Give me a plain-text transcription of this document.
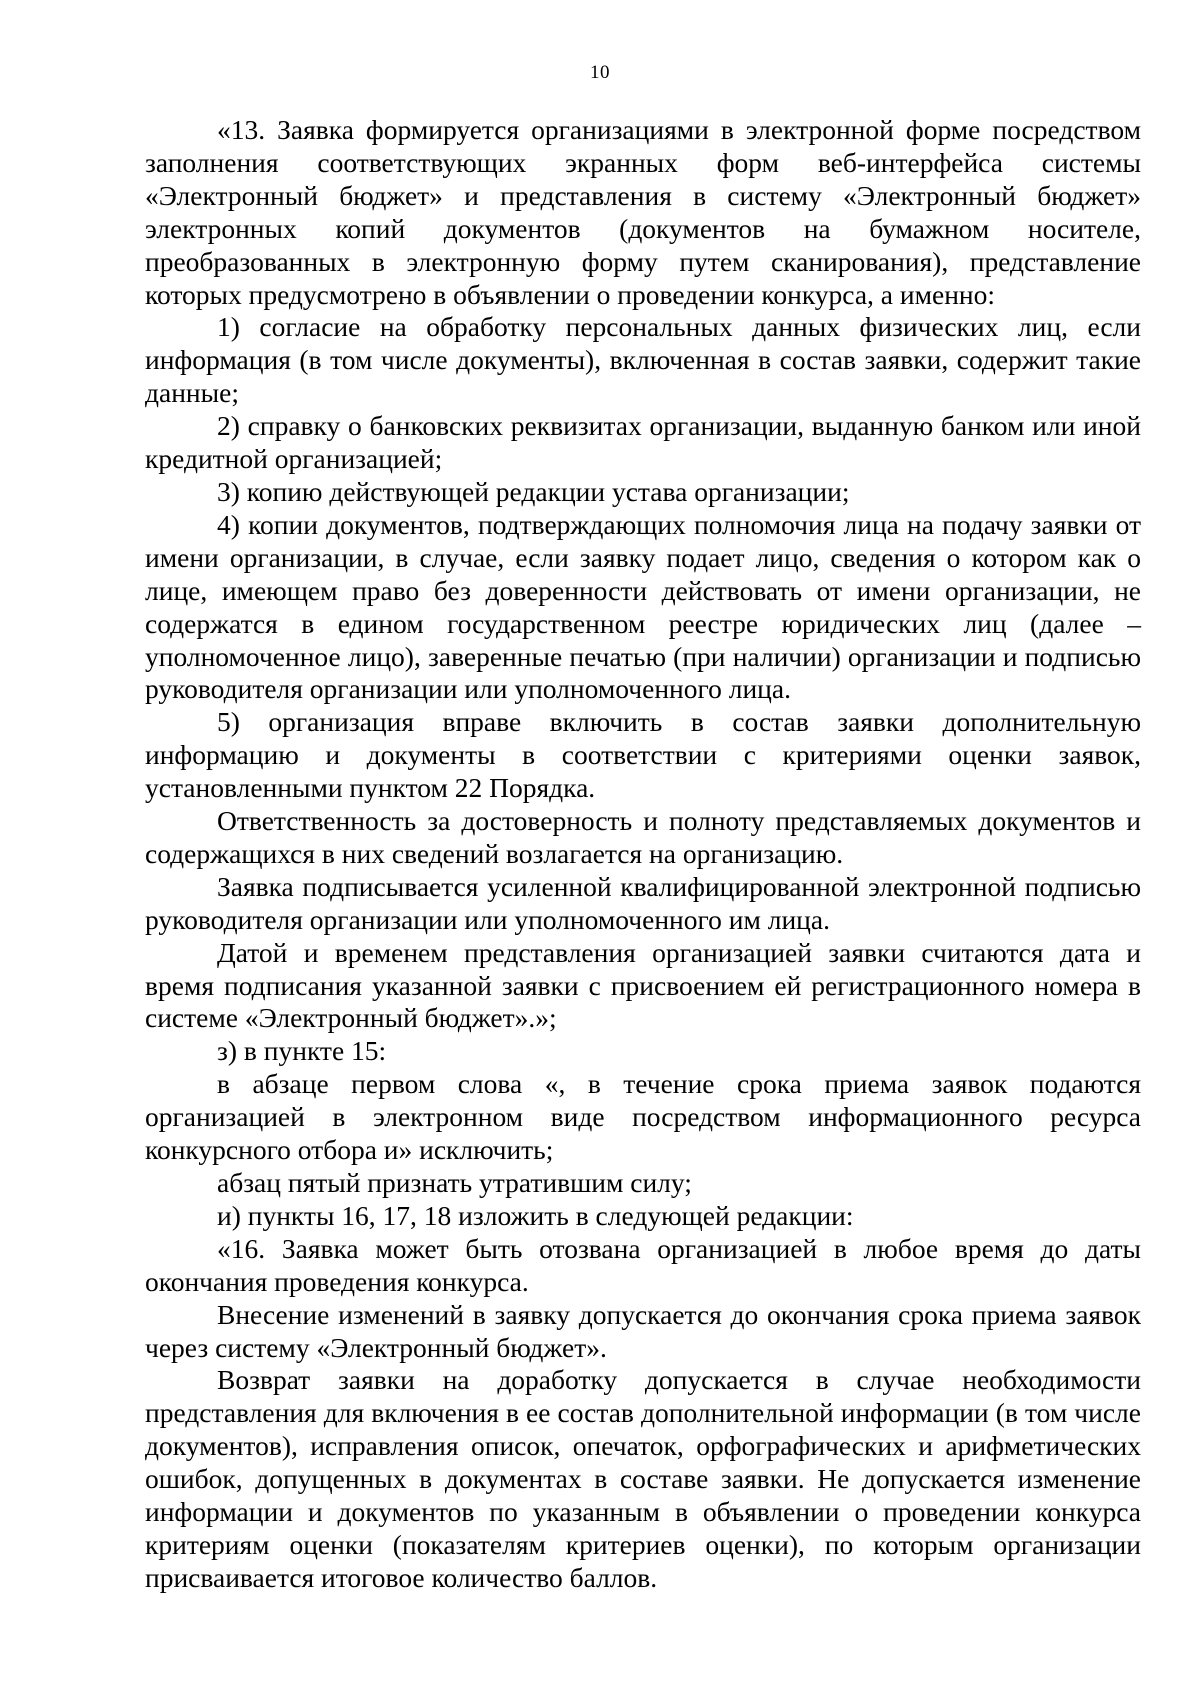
10

«13. Заявка формируется организациями в электронной форме посредством заполнения соответствующих экранных форм веб-интерфейса системы «Электронный бюджет» и представления в систему «Электронный бюджет» электронных копий документов (документов на бумажном носителе, преобразованных в электронную форму путем сканирования), представление которых предусмотрено в объявлении о проведении конкурса, а именно:

1) согласие на обработку персональных данных физических лиц, если информация (в том числе документы), включенная в состав заявки, содержит такие данные;

2) справку о банковских реквизитах организации, выданную банком или иной кредитной организацией;

3) копию действующей редакции устава организации;

4) копии документов, подтверждающих полномочия лица на подачу заявки от имени организации, в случае, если заявку подает лицо, сведения о котором как о лице, имеющем право без доверенности действовать от имени организации, не содержатся в едином государственном реестре юридических лиц (далее – уполномоченное лицо), заверенные печатью (при наличии) организации и подписью руководителя организации или уполномоченного лица.

5) организация вправе включить в состав заявки дополнительную информацию и документы в соответствии с критериями оценки заявок, установленными пунктом 22 Порядка.

Ответственность за достоверность и полноту представляемых документов и содержащихся в них сведений возлагается на организацию.

Заявка подписывается усиленной квалифицированной электронной подписью руководителя организации или уполномоченного им лица.

Датой и временем представления организацией заявки считаются дата и время подписания указанной заявки с присвоением ей регистрационного номера в системе «Электронный бюджет».»;

з) в пункте 15:

в абзаце первом слова «, в течение срока приема заявок подаются организацией в электронном виде посредством информационного ресурса конкурсного отбора и» исключить;

абзац пятый признать утратившим силу;

и) пункты 16, 17, 18 изложить в следующей редакции:

«16. Заявка может быть отозвана организацией в любое время до даты окончания проведения конкурса.

Внесение изменений в заявку допускается до окончания срока приема заявок через систему «Электронный бюджет».

Возврат заявки на доработку допускается в случае необходимости представления для включения в ее состав дополнительной информации (в том числе документов), исправления описок, опечаток, орфографических и арифметических ошибок, допущенных в документах в составе заявки. Не допускается изменение информации и документов по указанным в объявлении о проведении конкурса критериям оценки (показателям критериев оценки), по которым организации присваивается итоговое количество баллов.
